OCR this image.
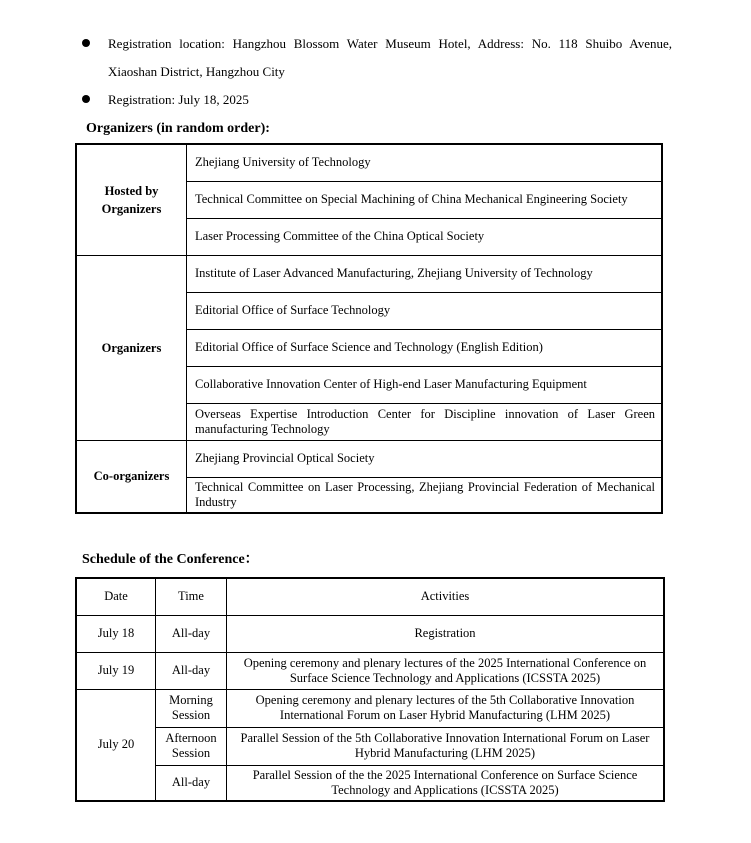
Registration location: Hangzhou Blossom Water Museum Hotel, Address: No. 118 Shuibo Avenue,
Xiaoshan District, Hangzhou City
Registration: July 18, 2025
Organizers (in random order):
Hosted by Organizers	Zhejiang University of Technology
	Technical Committee on Special Machining of China Mechanical Engineering Society
	Laser Processing Committee of the China Optical Society
Organizers	Institute of Laser Advanced Manufacturing, Zhejiang University of Technology
	Editorial Office of Surface Technology
	Editorial Office of Surface Science and Technology (English Edition)
	Collaborative Innovation Center of High-end Laser Manufacturing Equipment
	Overseas Expertise Introduction Center for Discipline innovation of Laser Green manufacturing Technology
Co-organizers	Zhejiang Provincial Optical Society
	Technical Committee on Laser Processing, Zhejiang Provincial Federation of Mechanical Industry
Schedule of the Conference：
Date	Time	Activities
July 18	All-day	Registration
July 19	All-day	Opening ceremony and plenary lectures of the 2025 International Conference on Surface Science Technology and Applications (ICSSTA 2025)
July 20	Morning Session	Opening ceremony and plenary lectures of the 5th Collaborative Innovation International Forum on Laser Hybrid Manufacturing (LHM 2025)
	Afternoon Session	Parallel Session of the 5th Collaborative Innovation International Forum on Laser Hybrid Manufacturing (LHM 2025)
	All-day	Parallel Session of the the 2025 International Conference on Surface Science Technology and Applications (ICSSTA 2025)
